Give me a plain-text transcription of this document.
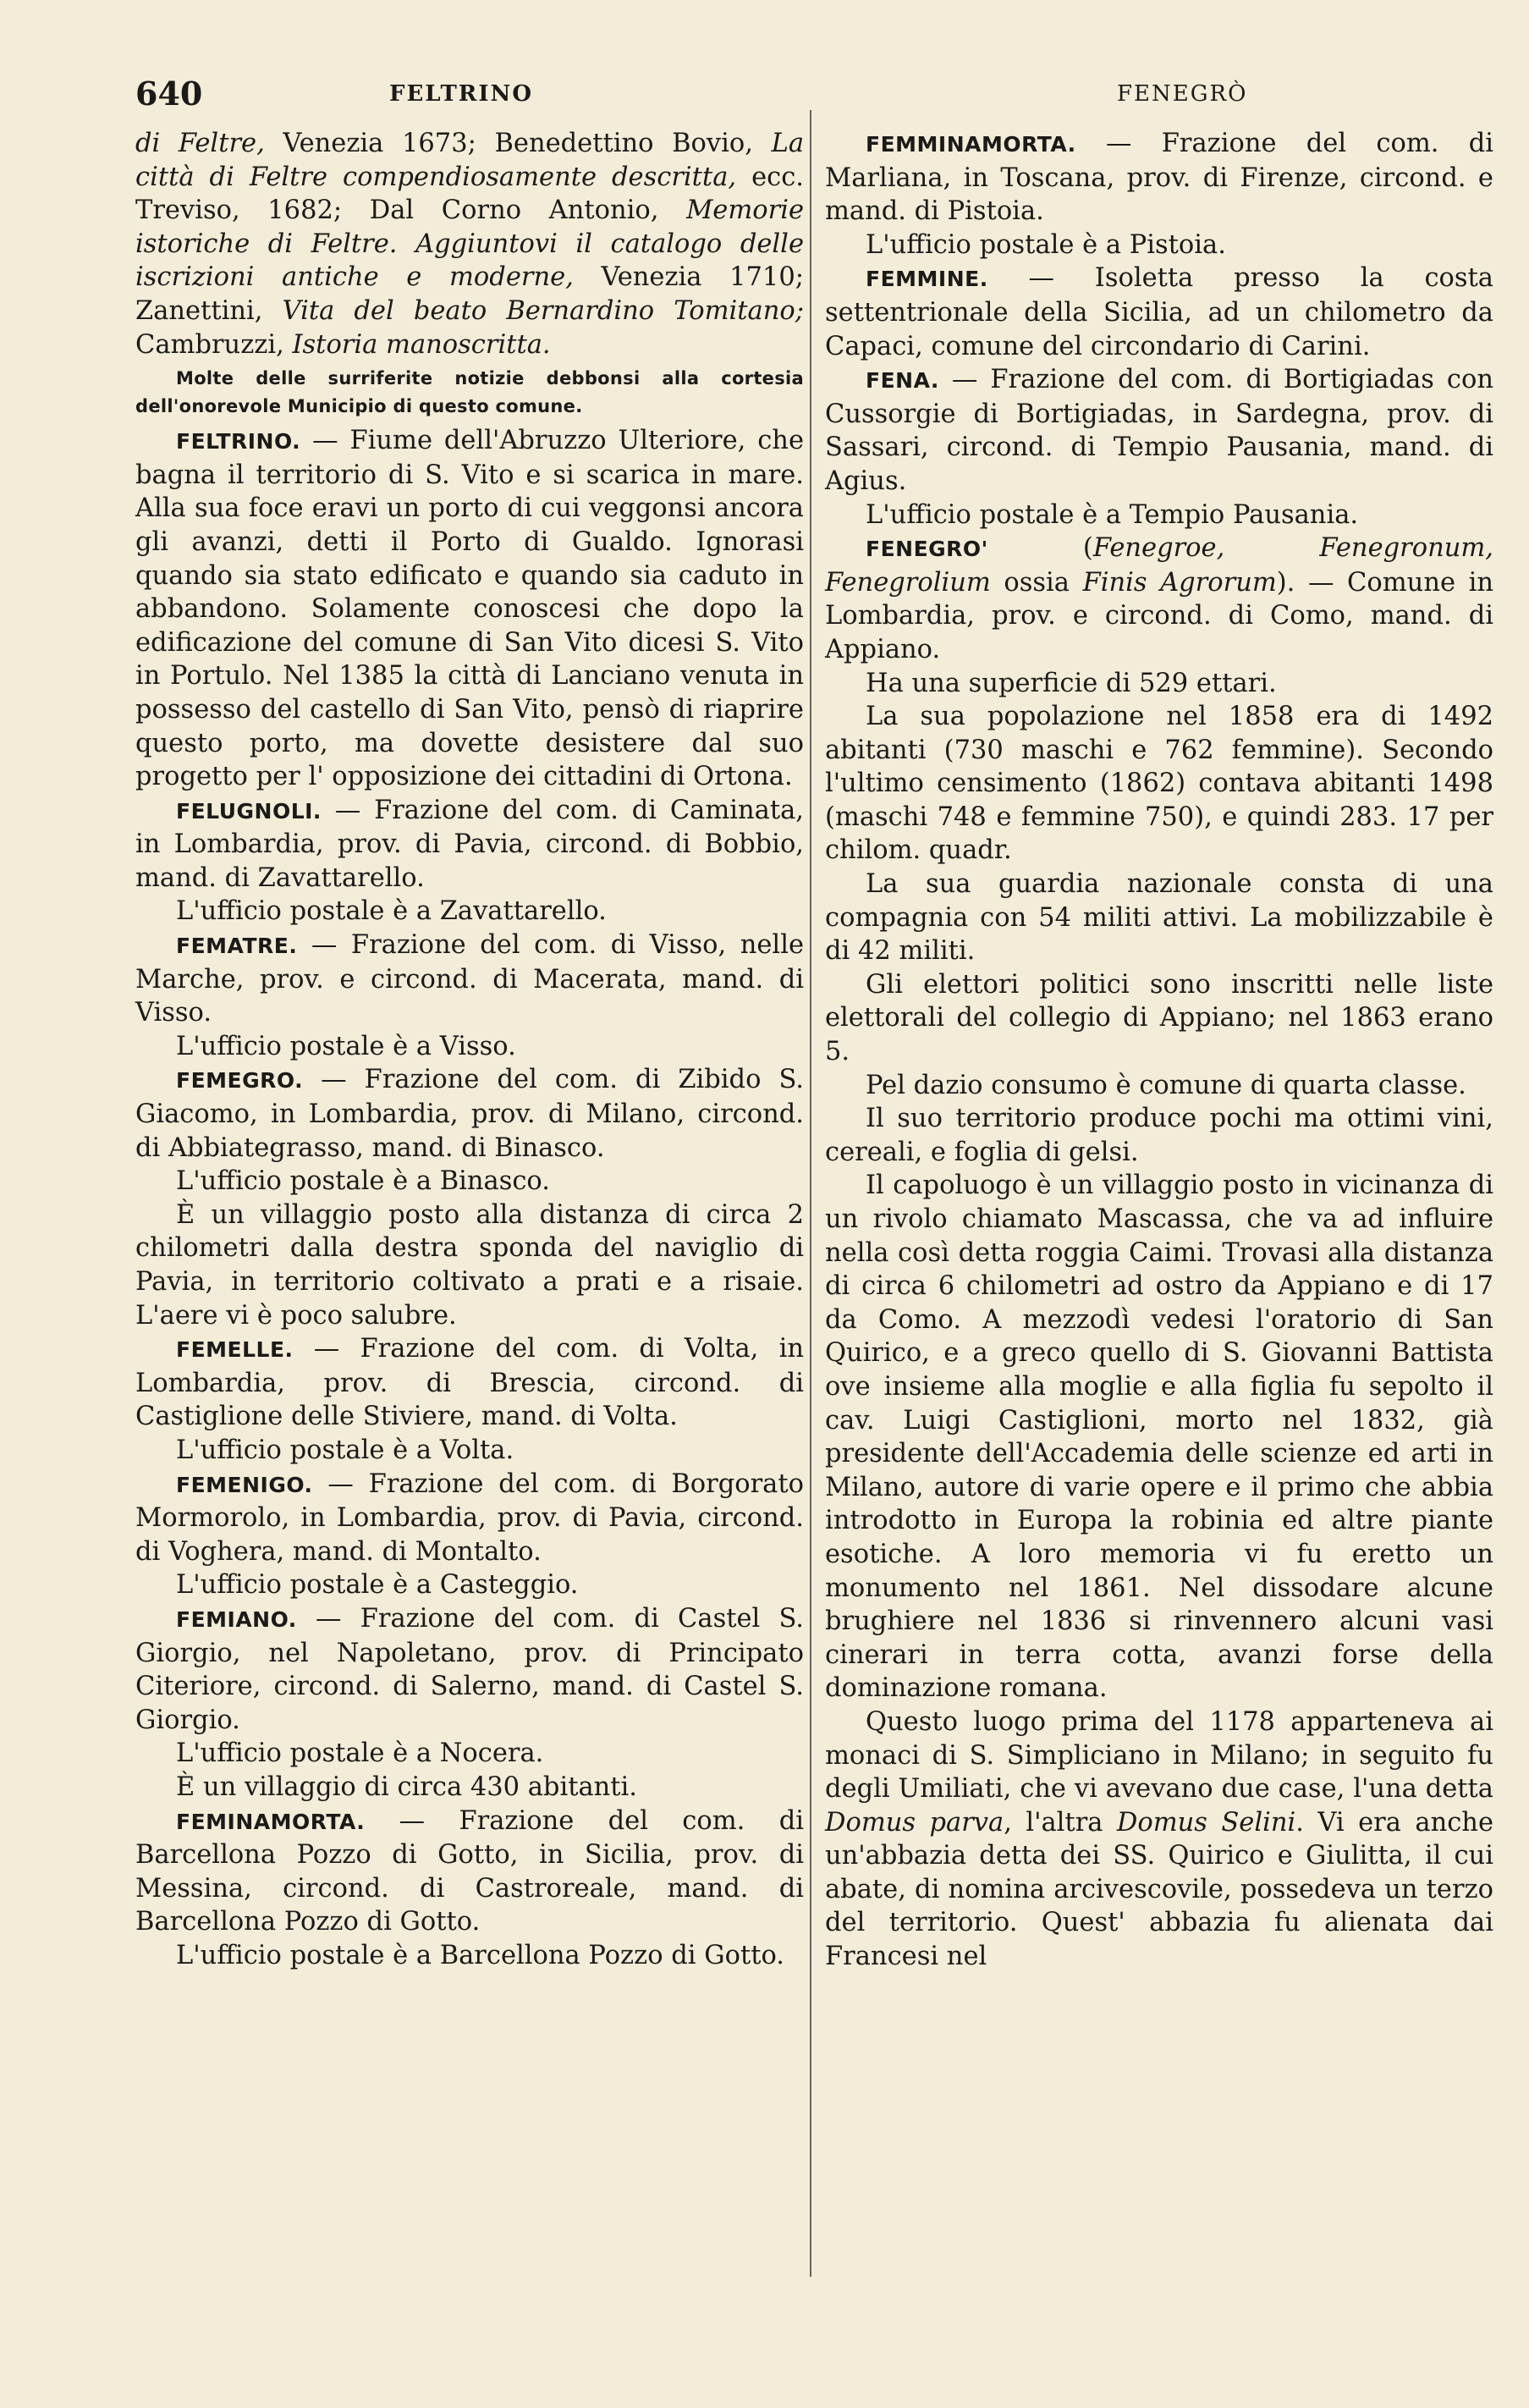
640	FELTRINO

di Feltre, Venezia 1673; Benedettino Bovio, La città di Feltre compendiosamente descritta, ecc. Treviso, 1682; Dal Corno Antonio, Memorie istoriche di Feltre. Aggiuntovi il catalogo delle iscrizioni antiche e moderne, Venezia 1710; Zanettini, Vita del beato Bernardino Tomitano; Cambruzzi, Istoria manoscritta.

Molte delle surriferite notizie debbonsi alla cortesia dell'onorevole Municipio di questo comune.

FELTRINO. — Fiume dell'Abruzzo Ulteriore, che bagna il territorio di S. Vito e si scarica in mare. Alla sua foce eravi un porto di cui veggonsi ancora gli avanzi, detti il Porto di Gualdo. Ignorasi quando sia stato edificato e quando sia caduto in abbandono. Solamente conoscesi che dopo la edificazione del comune di San Vito dicesi S. Vito in Portulo. Nel 1385 la città di Lanciano venuta in possesso del castello di San Vito, pensò di riaprire questo porto, ma dovette desistere dal suo progetto per l' opposizione dei cittadini di Ortona.

FELUGNOLI. — Frazione del com. di Caminata, in Lombardia, prov. di Pavia, circond. di Bobbio, mand. di Zavattarello.

L'ufficio postale è a Zavattarello.

FEMATRE. — Frazione del com. di Visso, nelle Marche, prov. e circond. di Macerata, mand. di Visso.

L'ufficio postale è a Visso.

FEMEGRO. — Frazione del com. di Zibido S. Giacomo, in Lombardia, prov. di Milano, circond. di Abbiategrasso, mand. di Binasco.

L'ufficio postale è a Binasco.

È un villaggio posto alla distanza di circa 2 chilometri dalla destra sponda del naviglio di Pavia, in territorio coltivato a prati e a risaie. L'aere vi è poco salubre.

FEMELLE. — Frazione del com. di Volta, in Lombardia, prov. di Brescia, circond. di Castiglione delle Stiviere, mand. di Volta.

L'ufficio postale è a Volta.

FEMENIGO. — Frazione del com. di Borgorato Mormorolo, in Lombardia, prov. di Pavia, circond. di Voghera, mand. di Montalto.

L'ufficio postale è a Casteggio.

FEMIANO. — Frazione del com. di Castel S. Giorgio, nel Napoletano, prov. di Principato Citeriore, circond. di Salerno, mand. di Castel S. Giorgio.

L'ufficio postale è a Nocera.

È un villaggio di circa 430 abitanti.

FEMINAMORTA. — Frazione del com. di Barcellona Pozzo di Gotto, in Sicilia, prov. di Messina, circond. di Castroreale, mand. di Barcellona Pozzo di Gotto.

L'ufficio postale è a Barcellona Pozzo di Gotto.

FENEGRÒ

FEMMINAMORTA. — Frazione del com. di Marliana, in Toscana, prov. di Firenze, circond. e mand. di Pistoia.

L'ufficio postale è a Pistoia.

FEMMINE. — Isoletta presso la costa settentrionale della Sicilia, ad un chilometro da Capaci, comune del circondario di Carini.

FENA. — Frazione del com. di Bortigiadas con Cussorgie di Bortigiadas, in Sardegna, prov. di Sassari, circond. di Tempio Pausania, mand. di Agius.

L'ufficio postale è a Tempio Pausania.

FENEGRO' (Fenegroe, Fenegronum, Fenegrolium ossia Finis Agrorum). — Comune in Lombardia, prov. e circond. di Como, mand. di Appiano.

Ha una superficie di 529 ettari.

La sua popolazione nel 1858 era di 1492 abitanti (730 maschi e 762 femmine). Secondo l'ultimo censimento (1862) contava abitanti 1498 (maschi 748 e femmine 750), e quindi 283. 17 per chilom. quadr.

La sua guardia nazionale consta di una compagnia con 54 militi attivi. La mobilizzabile è di 42 militi.

Gli elettori politici sono inscritti nelle liste elettorali del collegio di Appiano; nel 1863 erano 5.

Pel dazio consumo è comune di quarta classe.

Il suo territorio produce pochi ma ottimi vini, cereali, e foglia di gelsi.

Il capoluogo è un villaggio posto in vicinanza di un rivolo chiamato Mascassa, che va ad influire nella così detta roggia Caimi. Trovasi alla distanza di circa 6 chilometri ad ostro da Appiano e di 17 da Como. A mezzodì vedesi l'oratorio di San Quirico, e a greco quello di S. Giovanni Battista ove insieme alla moglie e alla figlia fu sepolto il cav. Luigi Castiglioni, morto nel 1832, già presidente dell'Accademia delle scienze ed arti in Milano, autore di varie opere e il primo che abbia introdotto in Europa la robinia ed altre piante esotiche. A loro memoria vi fu eretto un monumento nel 1861. Nel dissodare alcune brughiere nel 1836 si rinvennero alcuni vasi cinerari in terra cotta, avanzi forse della dominazione romana.

Questo luogo prima del 1178 apparteneva ai monaci di S. Simpliciano in Milano; in seguito fu degli Umiliati, che vi avevano due case, l'una detta Domus parva, l'altra Domus Selini. Vi era anche un'abbazia detta dei SS. Quirico e Giulitta, il cui abate, di nomina arcivescovile, possedeva un terzo del territorio. Quest' abbazia fu alienata dai Francesi nel
